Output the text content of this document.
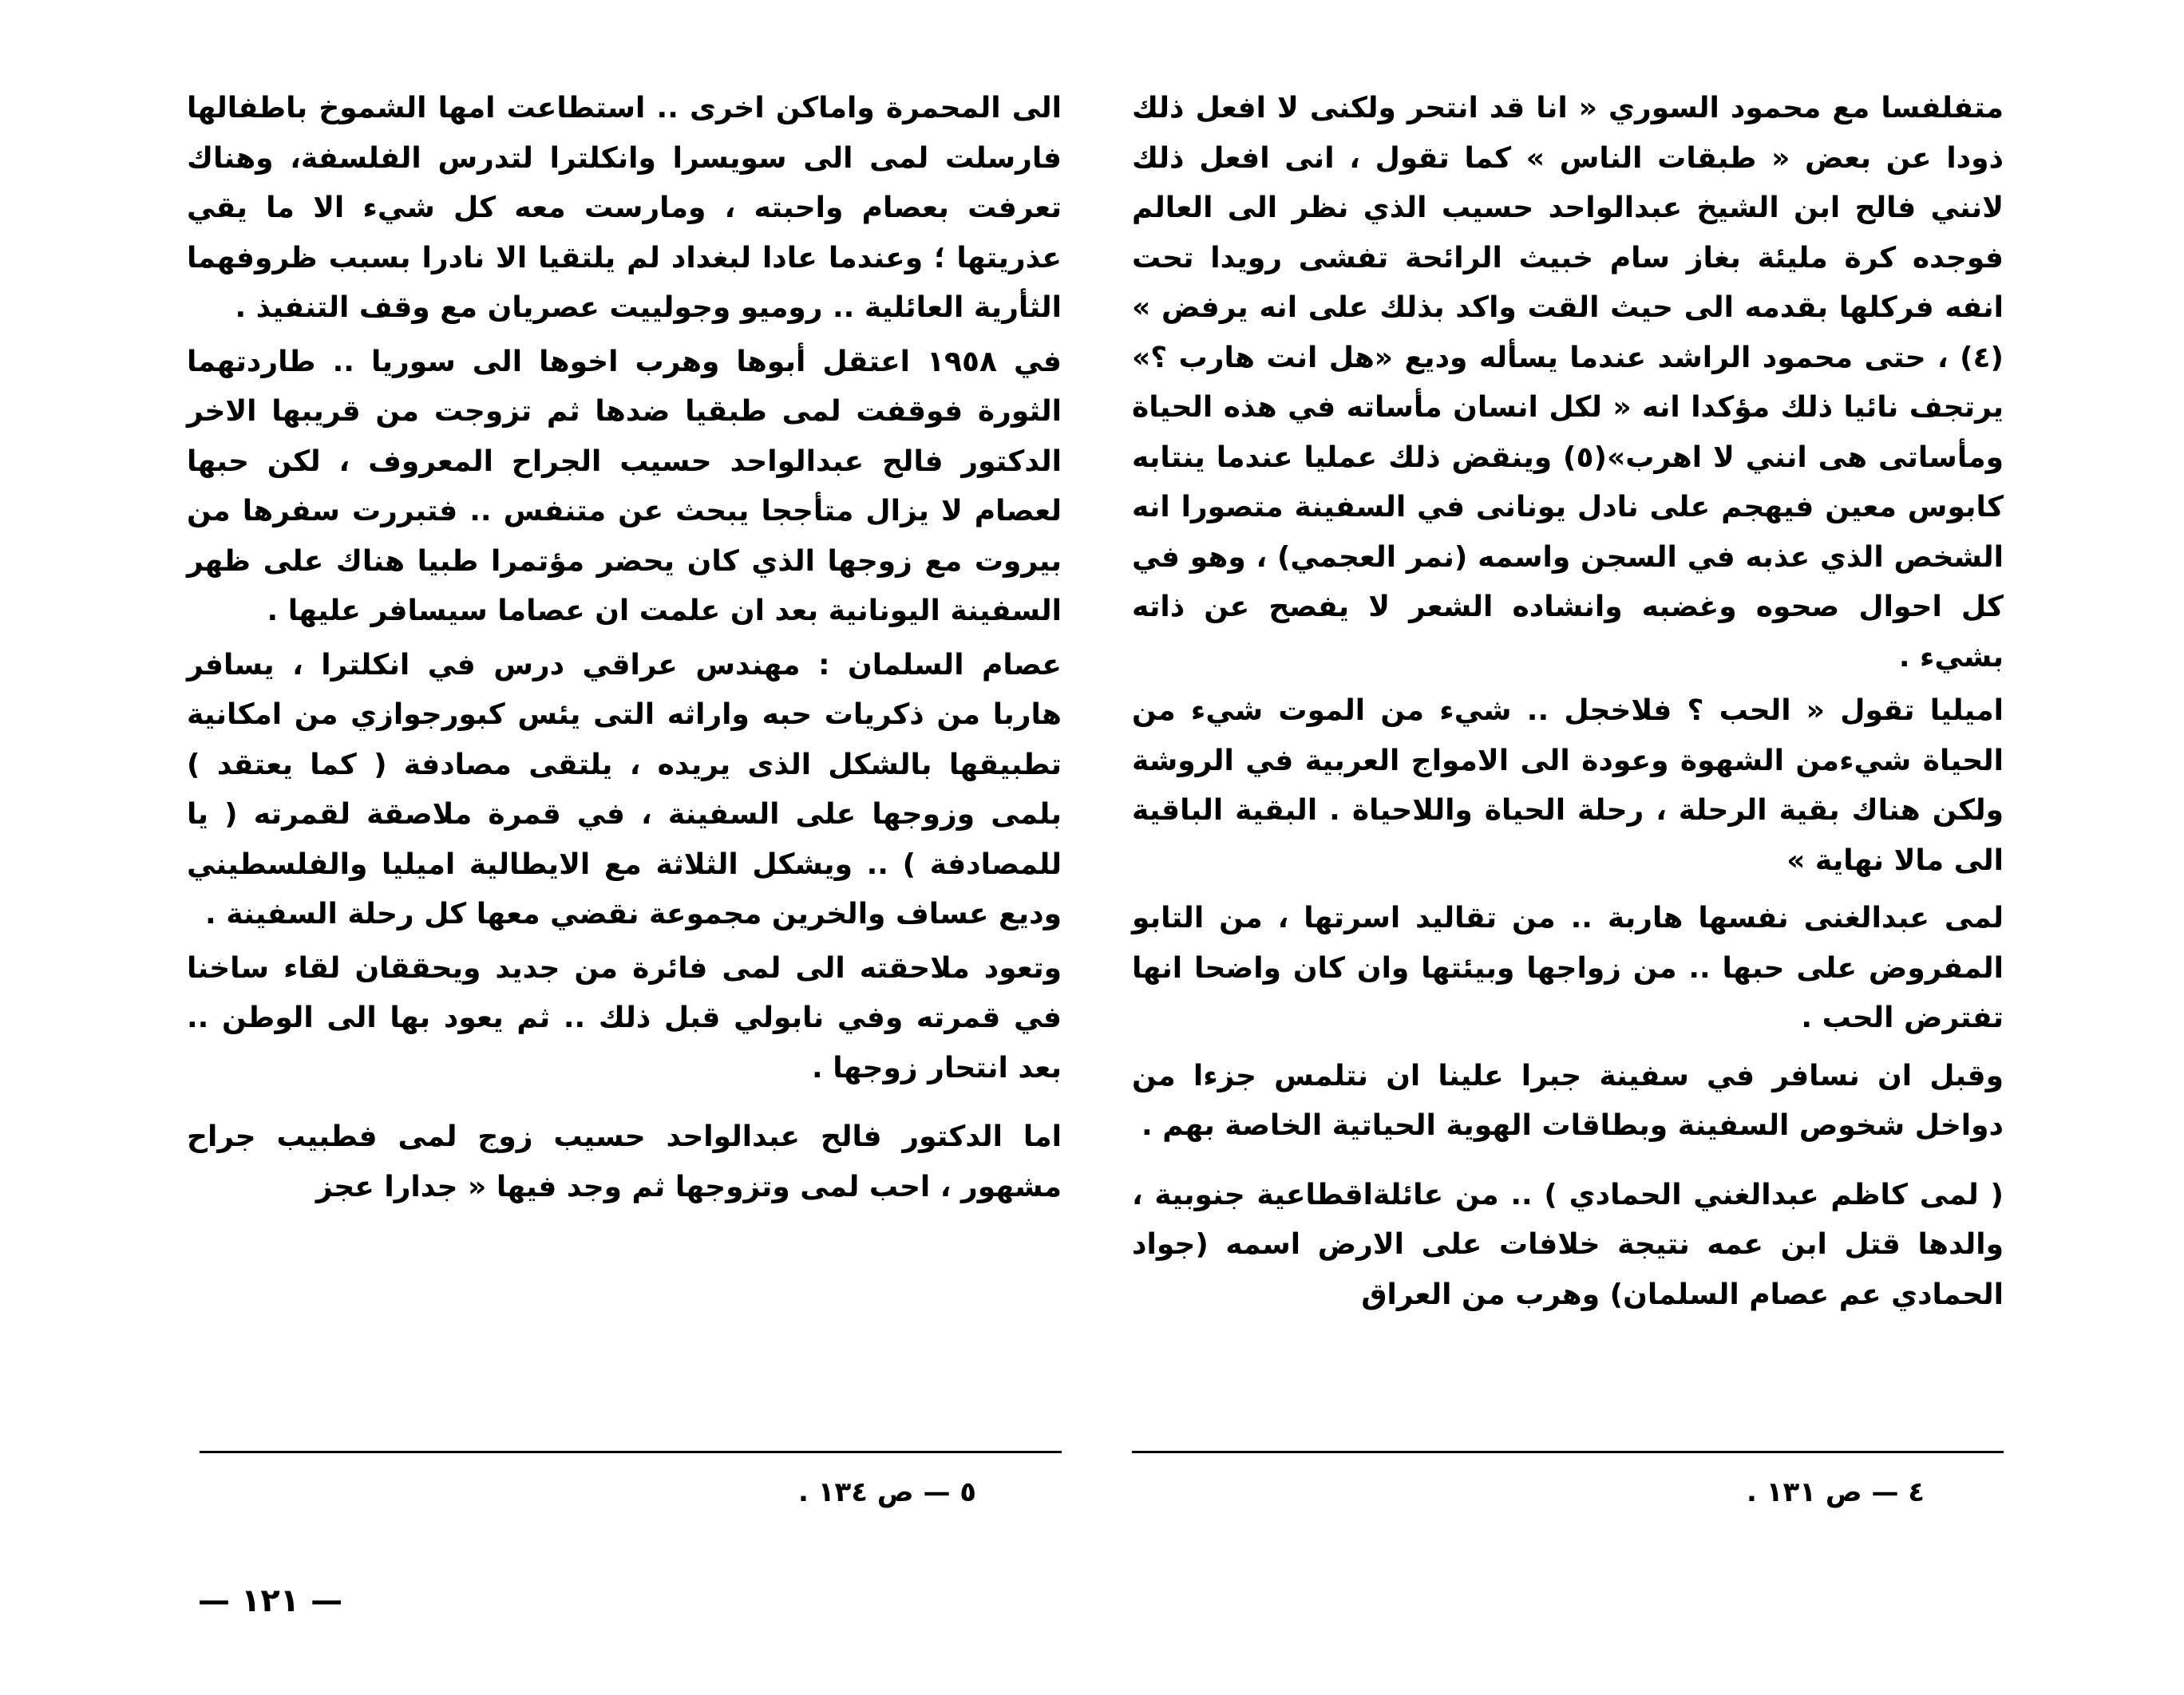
متفلفسا مع محمود السوري « انا قد انتحر ولكنى لا افعل ذلك ذودا عن بعض « طبقات الناس » كما تقول ، انى افعل ذلك لانني فالح ابن الشيخ عبدالواحد حسيب الذي نظر الى العالم فوجده كرة مليئة بغاز سام خبيث الرائحة تفشى رويدا تحت انفه فركلها بقدمه الى حيث القت واكد بذلك على انه يرفض » (٤) ، حتى محمود الراشد عندما يسأله وديع «هل انت هارب ؟» يرتجف نائيا ذلك مؤكدا انه « لكل انسان مأساته في هذه الحياة ومأساتى هى انني لا اهرب»(٥) وينقض ذلك عمليا عندما ينتابه كابوس معين فيهجم على نادل يونانى في السفينة متصورا انه الشخص الذي عذبه في السجن واسمه (نمر العجمي) ، وهو في كل احوال صحوه وغضبه وانشاده الشعر لا يفصح عن ذاته بشيء .

اميليا تقول « الحب ؟ فلاخجل .. شيء من الموت شيء من الحياة شيءمن الشهوة وعودة الى الامواج العربية في الروشة ولكن هناك بقية الرحلة ، رحلة الحياة واللاحياة . البقية الباقية الى مالا نهاية »

لمى عبدالغنى نفسها هاربة .. من تقاليد اسرتها ، من التابو المفروض على حبها .. من زواجها وبيئتها وان كان واضحا انها تفترض الحب .

وقبل ان نسافر في سفينة جبرا علينا ان نتلمس جزءا من دواخل شخوص السفينة وبطاقات الهوية الحياتية الخاصة بهم .

( لمى كاظم عبدالغني الحمادي ) .. من عائلةاقطاعية جنوبية ، والدها قتل ابن عمه نتيجة خلافات على الارض اسمه (جواد الحمادي عم عصام السلمان) وهرب من العراق

الى المحمرة واماكن اخرى .. استطاعت امها الشموخ باطفالها فارسلت لمى الى سويسرا وانكلترا لتدرس الفلسفة، وهناك تعرفت بعصام واحبته ، ومارست معه كل شيء الا ما يقي عذريتها ؛ وعندما عادا لبغداد لم يلتقيا الا نادرا بسبب ظروفهما الثأرية العائلية .. روميو وجولييت عصريان مع وقف التنفيذ .

في ١٩٥٨ اعتقل أبوها وهرب اخوها الى سوريا .. طاردتهما الثورة فوقفت لمى طبقيا ضدها ثم تزوجت من قريبها الاخر الدكتور فالح عبدالواحد حسيب الجراح المعروف ، لكن حبها لعصام لا يزال متأججا يبحث عن متنفس .. فتبررت سفرها من بيروت مع زوجها الذي كان يحضر مؤتمرا طبيا هناك على ظهر السفينة اليونانية بعد ان علمت ان عصاما سيسافر عليها .

عصام السلمان : مهندس عراقي درس في انكلترا ، يسافر هاربا من ذكريات حبه واراثه التى يئس كبورجوازي من امكانية تطبيقها بالشكل الذى يريده ، يلتقى مصادفة ( كما يعتقد ) بلمى وزوجها على السفينة ، في قمرة ملاصقة لقمرته ( يا للمصادفة ) .. ويشكل الثلاثة مع الايطالية اميليا والفلسطيني وديع عساف والخرين مجموعة نقضي معها كل رحلة السفينة .

وتعود ملاحقته الى لمى فائرة من جديد ويحققان لقاء ساخنا في قمرته وفي نابولي قبل ذلك .. ثم يعود بها الى الوطن .. بعد انتحار زوجها .

اما الدكتور فالح عبدالواحد حسيب زوج لمى فطبيب جراح مشهور ، احب لمى وتزوجها ثم وجد فيها « جدارا عجز

٥ — ص ١٣٤ .	٤ — ص ١٣١ .
— ١٢١ —
